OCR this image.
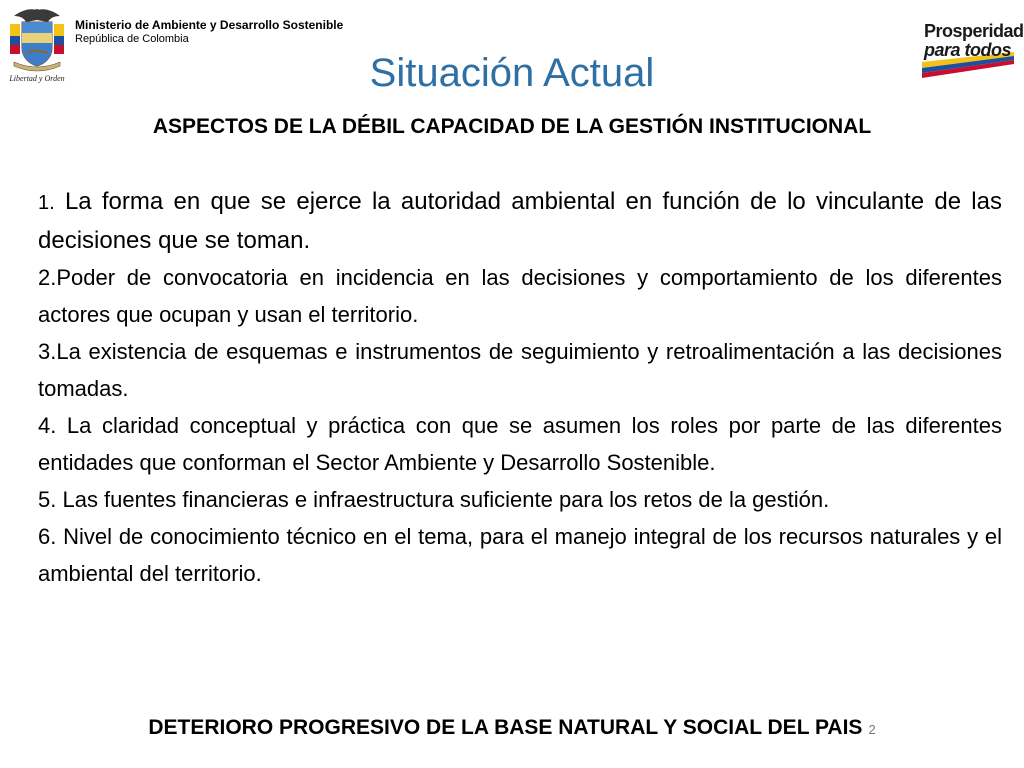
Libertad y Orden
Ministerio de Ambiente y Desarrollo Sostenible
República de Colombia	Prosperidad
para todos
Situación Actual
ASPECTOS DE LA DÉBIL CAPACIDAD DE LA GESTIÓN INSTITUCIONAL

1. La forma en que se ejerce la autoridad ambiental en función de lo vinculante de las decisiones que se toman.

2.Poder de convocatoria en incidencia en las decisiones y comportamiento de los diferentes actores que ocupan y usan el territorio.

3.La existencia de esquemas e instrumentos de seguimiento y retroalimentación a las decisiones tomadas.

4. La claridad conceptual y práctica con que se asumen los roles por parte de las diferentes entidades que conforman el Sector Ambiente y Desarrollo Sostenible.

5. Las fuentes financieras e infraestructura suficiente para los retos de la gestión.

6. Nivel de conocimiento técnico en el tema, para el manejo integral de los recursos naturales y el ambiental del territorio.

DETERIORO PROGRESIVO DE LA BASE NATURAL Y SOCIAL DEL PAIS 2
